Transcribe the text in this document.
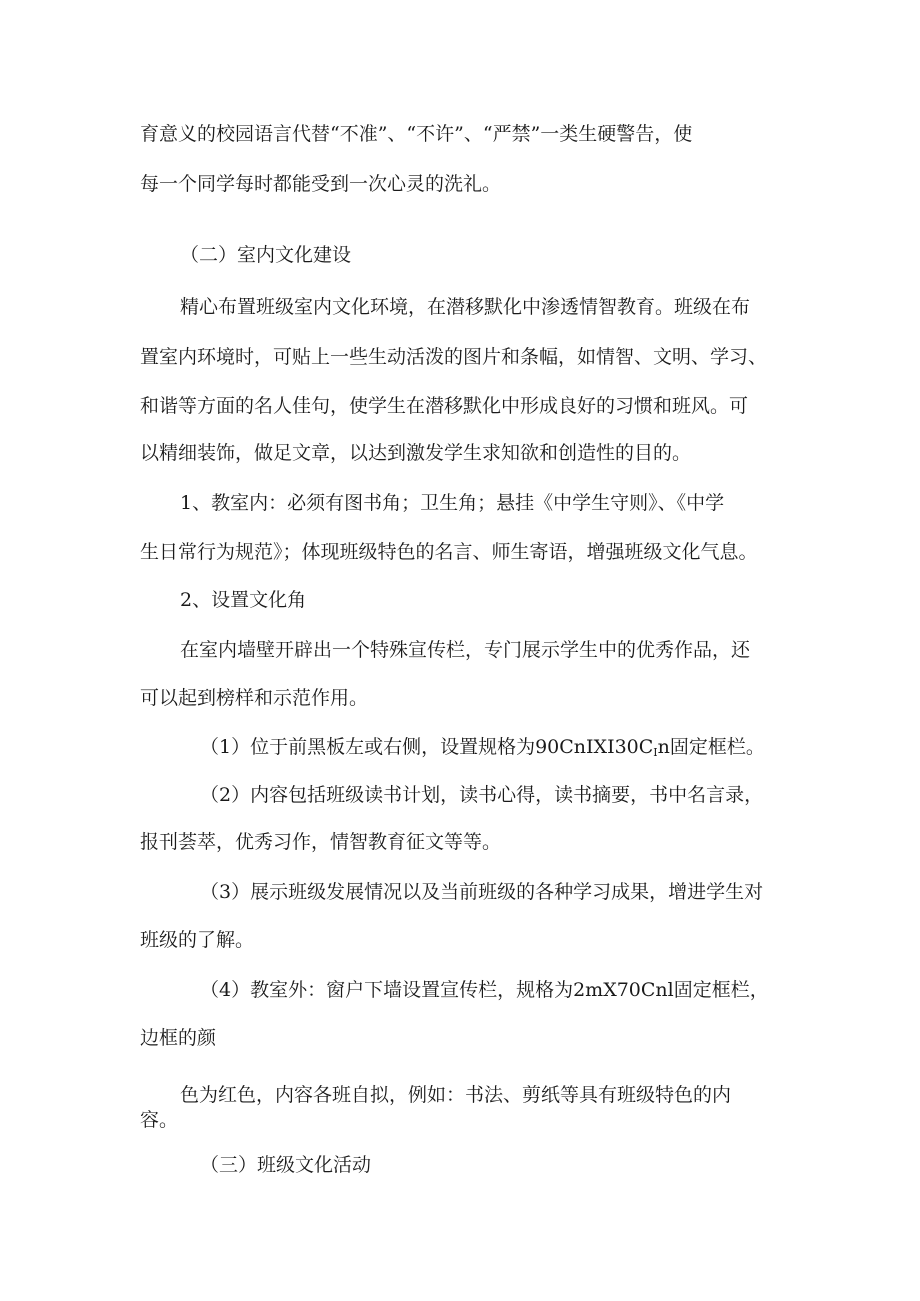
育意义的校园语言代替“不准”、“不许”、“严禁”一类生硬警告，使

每一个同学每时都能受到一次心灵的洗礼。

（二）室内文化建设

精心布置班级室内文化环境，在潜移默化中渗透情智教育。班级在布

置室内环境时，可贴上一些生动活泼的图片和条幅，如情智、文明、学习、

和谐等方面的名人佳句，使学生在潜移默化中形成良好的习惯和班风。可

以精细装饰，做足文章，以达到激发学生求知欲和创造性的目的。

1、教室内：必须有图书角；卫生角；悬挂《中学生守则》、《中学

生日常行为规范》；体现班级特色的名言、师生寄语，增强班级文化气息。

2、设置文化角

在室内墙壁开辟出一个特殊宣传栏，专门展示学生中的优秀作品，还

可以起到榜样和示范作用。

（1）位于前黑板左或右侧，设置规格为$90CnIXI30C_In$固定框栏。

（2）内容包括班级读书计划，读书心得，读书摘要，书中名言录，

报刊荟萃，优秀习作，情智教育征文等等。

（3）展示班级发展情况以及当前班级的各种学习成果，增进学生对

班级的了解。

（4）教室外：窗户下墙设置宣传栏，规格为2mX70Cnl固定框栏，

边框的颜

色为红色，内容各班自拟，例如：书法、剪纸等具有班级特色的内

容。

（三）班级文化活动
